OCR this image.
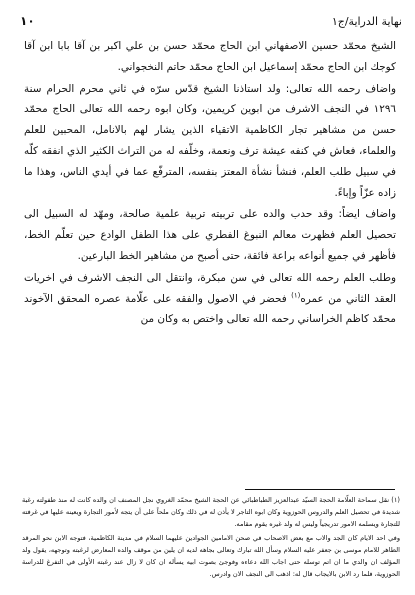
نهاية الدراية/ج١
١٠

الشيخ محمّد حسين الاصفهاني ابن الحاج محمّد حسن بن علي اكبر بن آقا بابا ابن آقا كوجك ابن الحاج محمّد إسماعيل ابن الحاج محمّد حاتم النخجواني.

واضاف رحمه الله تعالى: ولد استاذنا الشيخ قدّس سرّه في ثاني محرم الحرام سنة ١٢٩٦ في النجف الاشرف من ابوين كريمين، وكان ابوه رحمه الله تعالى الحاج محمّد حسن من مشاهير تجار الكاظمية الاتقياء الذين يشار لهم بالانامل، المحبين للعلم والعلماء، فعاش في كنفه عيشة ترف ونعمة، وخلّفه له من التراث الكثير الذي انفقه كلّه في سبيل طلب العلم، فنشأ نشأة المعتز بنفسه، المترفّع عما في أيدي الناس، وهذا ما زاده عزّاً وإباءً.

واضاف ايضاً: وقد حدب والده على تربيته تربية علمية صالحة، ومهّد له السبيل الى تحصيل العلم فظهرت معالم النبوغ الفطري على هذا الطفل الوادع حين تعلّم الخط، فأظهر في جميع أنواعه براعة فائقة، حتى أصبح من مشاهير الخط البارعين.

وطلب العلم رحمه الله تعالى في سن مبكرة، وانتقل الى النجف الاشرف في اخريات العقد الثاني من عمره$^{(١)}$ فحضر في الاصول والفقه على علّامة عصره المحقق الآخوند محمّد كاظم الخراساني رحمه الله تعالى واختص به وكان من

(١) نقل سماحة العلّامة الحجة السيّد عبدالعزيز الطباطبائي عن الحجة الشيخ محمّد الغروي نجل المصنف ان والده كانت له منذ طفولته رغبة شديدة في تحصيل العلم والدروس الحوزوية وكان ابوه التاجر لا يأذن له في ذلك وكان ملحاً على أن يتجه لأمور التجارة ويعينه عليها في غرفته للتجارة ويسلمه الامور تدريجياً وليس له ولد غيره يقوم مقامه.

وفي احد الايام كان الجد والاب مع بعض الاصحاب في صحن الامامين الجوادين عليهما السلام في مدينة الكاظمية، فتوجه الابن نحو المرقد الطاهر للامام موسى بن جعفر عليه السلام وسأل الله تبارك وتعالى بجاهه لديه ان يلين من موقف والده المعارض لرغبته وتوجهه، يقول ولد المؤلف ان والدي ما ان اتم توسله حتى اجاب الله دعاءه وفوجئ بصوت ابيه يسأله ان كان لا زال عند رغبته الأولى في التفرغ للدراسة الحوزوية، فلما رد الابن بالايجاب قال له: اذهب الى النجف الان وادرس.
